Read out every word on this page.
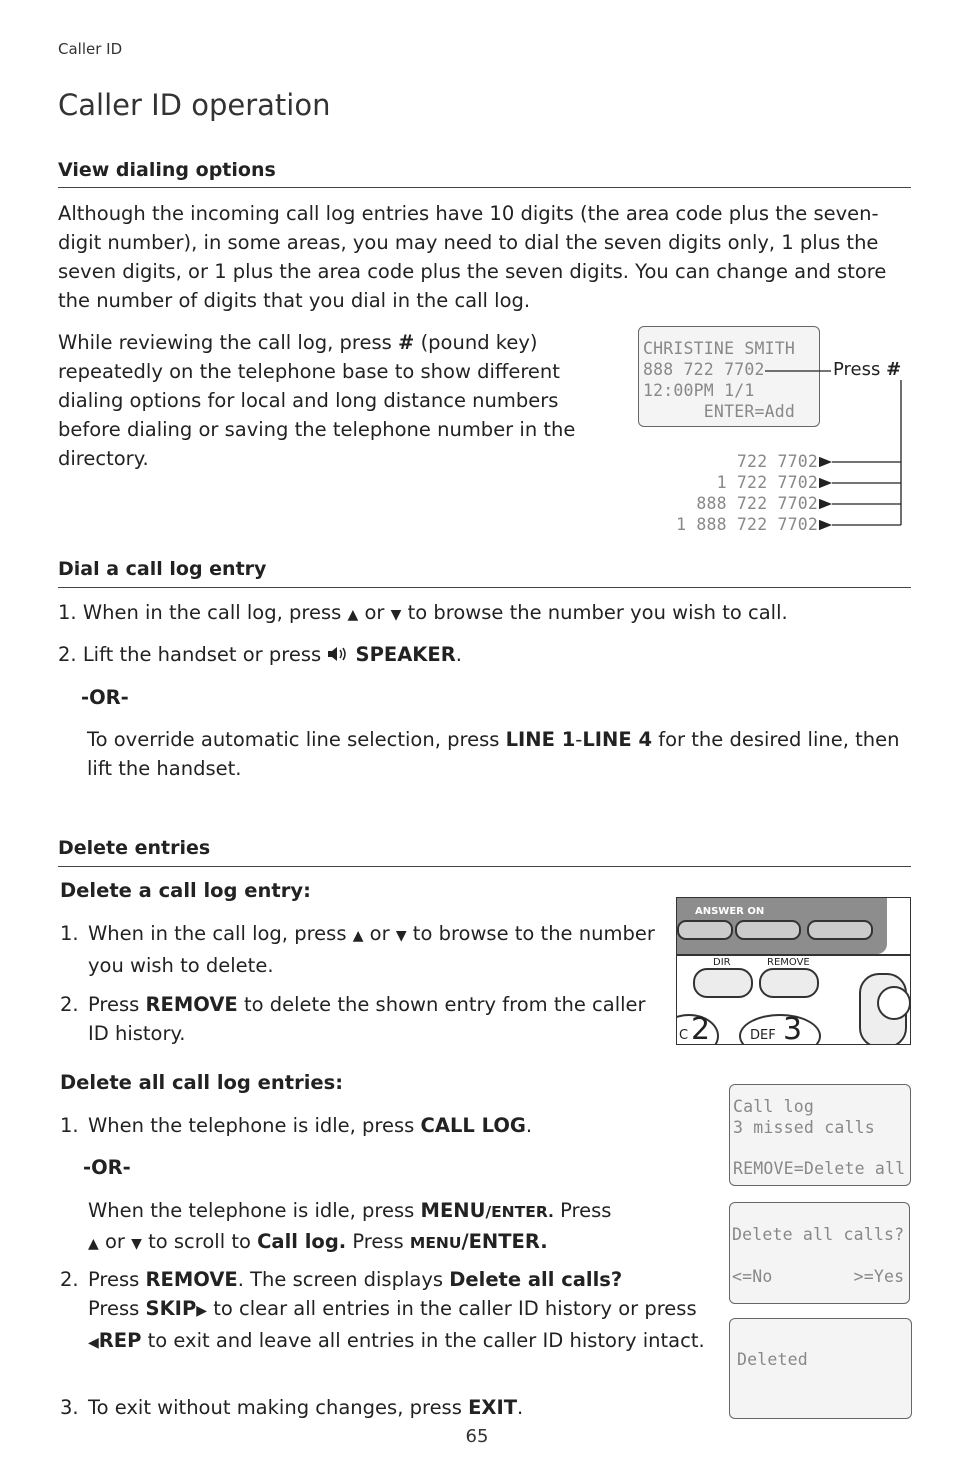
Caller ID
Caller ID operation
View dialing options
Although the incoming call log entries have 10 digits (the area code plus the seven-digit number), in some areas, you may need to dial the seven digits only, 1 plus the seven digits, or 1 plus the area code plus the seven digits. You can change and store the number of digits that you dial in the call log.
While reviewing the call log, press # (pound key) repeatedly on the telephone base to show different dialing options for local and long distance numbers before dialing or saving the telephone number in the directory.
CHRISTINE SMITH
888 722 7702
12:00PM 1/1
ENTER=Add
Press #
722 7702
1 722 7702
888 722 7702
1 888 722 7702
Dial a call log entry
1. When in the call log, press ▲ or ▼ to browse the number you wish to call.
2. Lift the handset or press  SPEAKER.
-OR-
To override automatic line selection, press LINE 1-LINE 4 for the desired line, then lift the handset.
Delete entries
Delete a call log entry:
1. When in the call log, press ▲ or ▼ to browse to the number you wish to delete.
2. Press REMOVE to delete the shown entry from the caller ID history.
ANSWER ON
DIR	REMOVE
C 2	DEF 3
Delete all call log entries:
1. When the telephone is idle, press CALL LOG.
-OR-
When the telephone is idle, press MENU/ENTER. Press
▲ or ▼ to scroll to Call log. Press MENU/ENTER.
2. Press REMOVE. The screen displays Delete all calls?
Press SKIP▶ to clear all entries in the caller ID history or press ◀REP to exit and leave all entries in the caller ID history intact.
3. To exit without making changes, press EXIT.
Call log
3 missed calls
REMOVE=Delete all
Delete all calls?
<=No        >=Yes
Deleted
65
